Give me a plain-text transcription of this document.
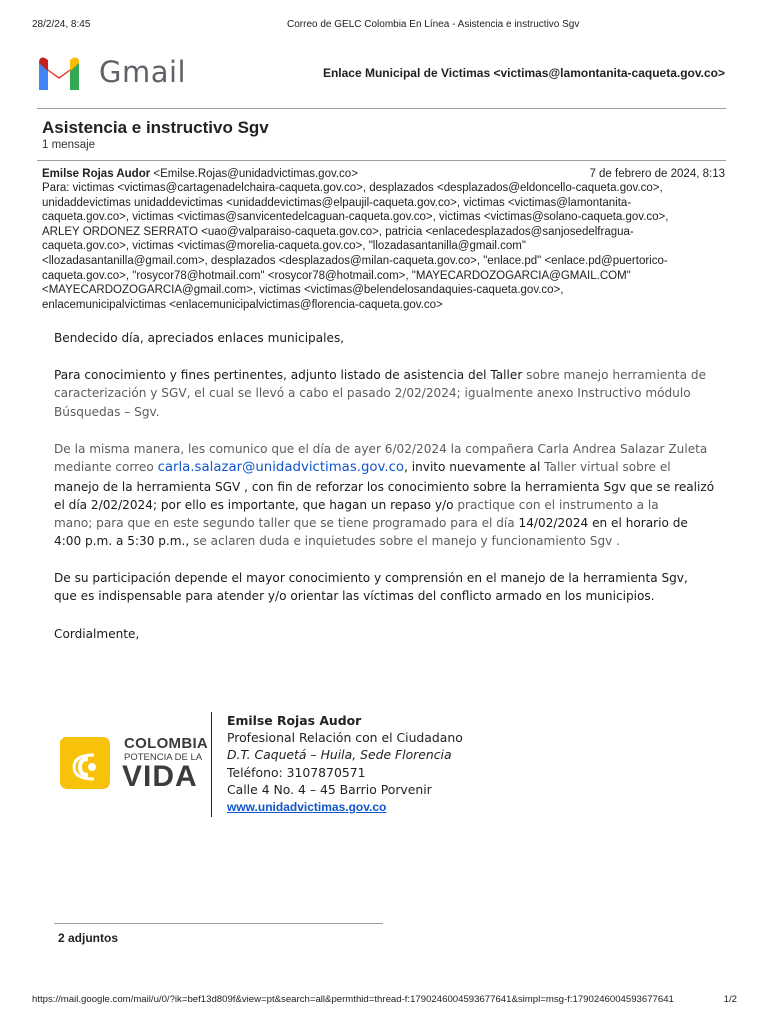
28/2/24, 8:45	Correo de GELC Colombia En Línea - Asistencia e instructivo Sgv
Gmail	Enlace Municipal de Victimas <victimas@lamontanita-caqueta.gov.co>
Asistencia e instructivo Sgv
1 mensaje
Emilse Rojas Audor <Emilse.Rojas@unidadvictimas.gov.co>	7 de febrero de 2024, 8:13
Para: victimas <victimas@cartagenadelchaira-caqueta.gov.co>, desplazados <desplazados@eldoncello-caqueta.gov.co>,
unidaddevictimas unidaddevictimas <unidaddevictimas@elpaujil-caqueta.gov.co>, victimas <victimas@lamontanita-
caqueta.gov.co>, victimas <victimas@sanvicentedelcaguan-caqueta.gov.co>, victimas <victimas@solano-caqueta.gov.co>,
ARLEY ORDONEZ SERRATO <uao@valparaiso-caqueta.gov.co>, patricia <enlacedesplazados@sanjosedelfragua-
caqueta.gov.co>, victimas <victimas@morelia-caqueta.gov.co>, "llozadasantanilla@gmail.com"
<llozadasantanilla@gmail.com>, desplazados <desplazados@milan-caqueta.gov.co>, "enlace.pd" <enlace.pd@puertorico-
caqueta.gov.co>, "rosycor78@hotmail.com" <rosycor78@hotmail.com>, "MAYECARDOZOGARCIA@GMAIL.COM"
<MAYECARDOZOGARCIA@gmail.com>, victimas <victimas@belendelosandaquies-caqueta.gov.co>,
enlacemunicipalvictimas <enlacemunicipalvictimas@florencia-caqueta.gov.co>
Bendecido día, apreciados enlaces municipales,
Para conocimiento y fines pertinentes, adjunto listado de asistencia del Taller sobre manejo herramienta de
caracterización y SGV, el cual se llevó a cabo el pasado 2/02/2024; igualmente anexo Instructivo módulo
Búsquedas – Sgv.
De la misma manera, les comunico que el día de ayer 6/02/2024 la compañera Carla Andrea Salazar Zuleta
mediante correo carla.salazar@unidadvictimas.gov.co, invito nuevamente al Taller virtual sobre el
manejo de la herramienta SGV , con fin de reforzar los conocimiento sobre la herramienta Sgv que se realizó
el día 2/02/2024; por ello es importante, que hagan un repaso y/o practique con el instrumento a la
mano; para que en este segundo taller que se tiene programado para el día 14/02/2024 en el horario de
4:00 p.m. a 5:30 p.m., se aclaren duda e inquietudes sobre el manejo y funcionamiento Sgv .
De su participación depende el mayor conocimiento y comprensión en el manejo de la herramienta Sgv,
que es indispensable para atender y/o orientar las víctimas del conflicto armado en los municipios.
Cordialmente,
COLOMBIA
POTENCIA DE LA
VIDA
Emilse Rojas Audor
Profesional Relación con el Ciudadano
D.T. Caquetá – Huila, Sede Florencia
Teléfono: 3107870571
Calle 4 No. 4 – 45 Barrio Porvenir
www.unidadvictimas.gov.co
2 adjuntos
https://mail.google.com/mail/u/0/?ik=bef13d809f&view=pt&search=all&permthid=thread-f:1790246004593677641&simpl=msg-f:1790246004593677641	1/2
